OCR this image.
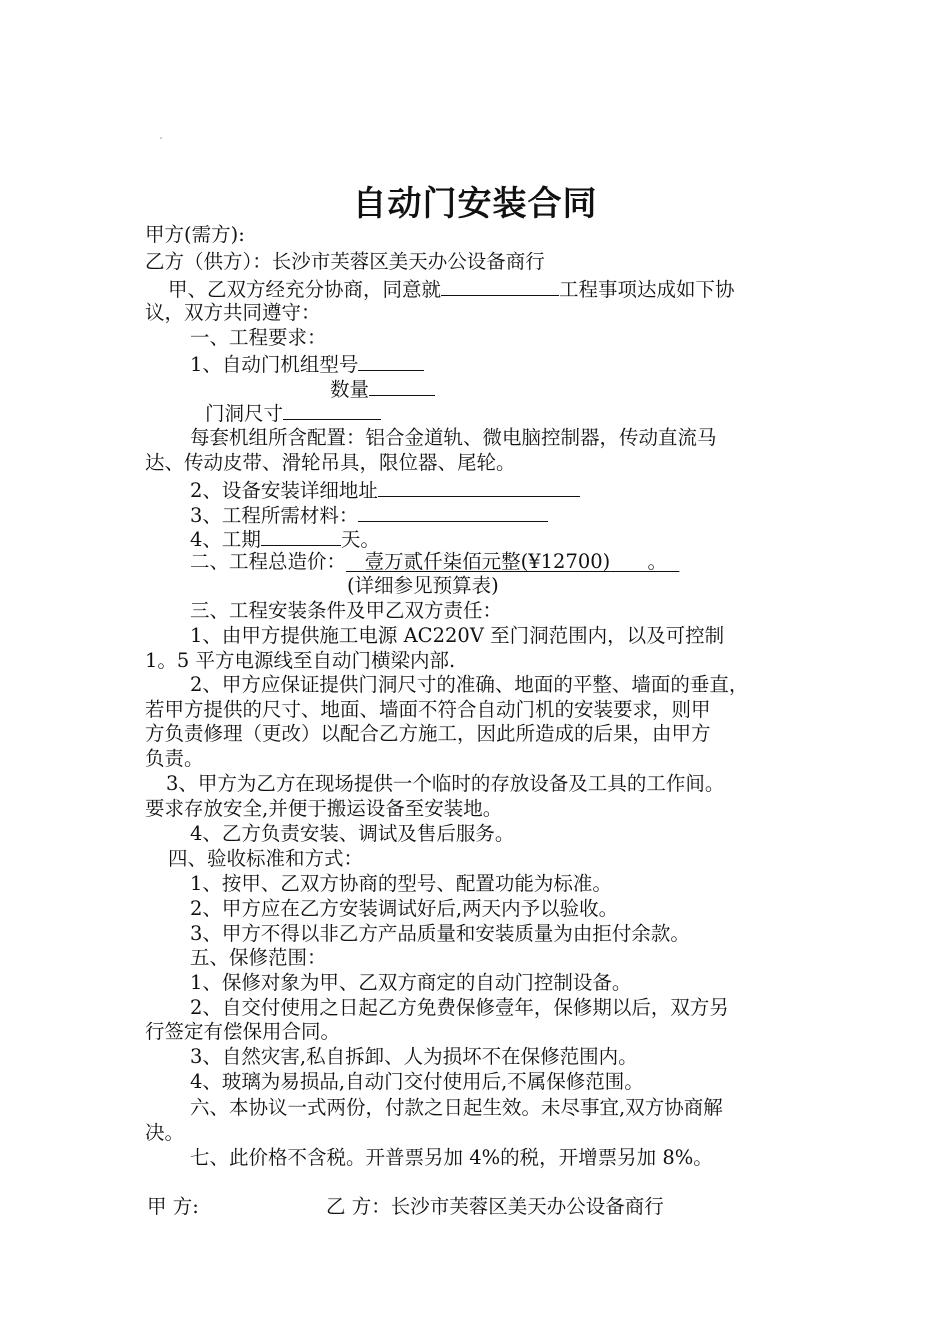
自动门安装合同
甲方(需方):
乙方（供方）：长沙市芙蓉区美天办公设备商行
甲、乙双方经充分协商，同意就	工程事项达成如下协
议，双方共同遵守：
一、工程要求：
1、自动门机组型号
数量
门洞尺寸
每套机组所含配置：铝合金道轨、微电脑控制器，传动直流马
达、传动皮带、滑轮吊具，限位器、尾轮。
2、设备安装详细地址
3、工程所需材料：
4、工期	天。
二、工程总造价： 壹万贰仟柒佰元整(¥12700) 。
(详细参见预算表)
三、工程安装条件及甲乙双方责任：
1、由甲方提供施工电源 AC220V 至门洞范围内，以及可控制
1。5 平方电源线至自动门横梁内部.
2、甲方应保证提供门洞尺寸的准确、地面的平整、墙面的垂直，
若甲方提供的尺寸、地面、墙面不符合自动门机的安装要求，则甲
方负责修理（更改）以配合乙方施工，因此所造成的后果，由甲方
负责。
3、甲方为乙方在现场提供一个临时的存放设备及工具的工作间。
要求存放安全,并便于搬运设备至安装地。
4、乙方负责安装、调试及售后服务。
四、验收标准和方式：
1、按甲、乙双方协商的型号、配置功能为标准。
2、甲方应在乙方安装调试好后,两天内予以验收。
3、甲方不得以非乙方产品质量和安装质量为由拒付余款。
五、保修范围：
1、保修对象为甲、乙双方商定的自动门控制设备。
2、自交付使用之日起乙方免费保修壹年，保修期以后，双方另
行签定有偿保用合同。
3、自然灾害,私自拆卸、人为损坏不在保修范围内。
4、玻璃为易损品,自动门交付使用后,不属保修范围。
六、本协议一式两份，付款之日起生效。未尽事宜,双方协商解
决。
七、此价格不含税。开普票另加 4%的税，开增票另加 8%。
甲 方:	乙 方：长沙市芙蓉区美天办公设备商行
